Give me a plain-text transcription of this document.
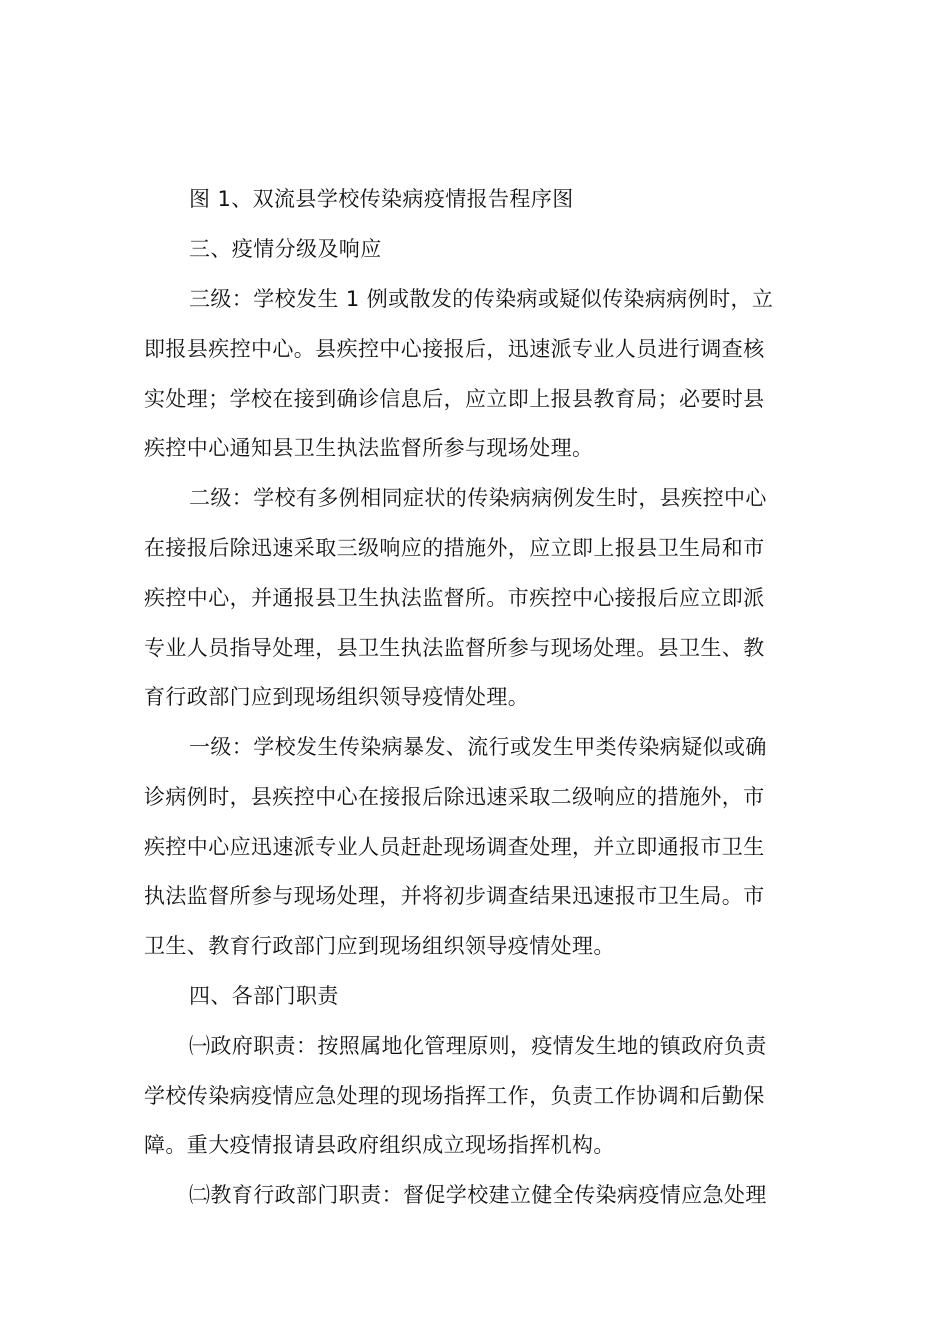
图 1、双流县学校传染病疫情报告程序图
三、疫情分级及响应
三级：学校发生 1 例或散发的传染病或疑似传染病病例时，立
即报县疾控中心。县疾控中心接报后，迅速派专业人员进行调查核
实处理；学校在接到确诊信息后，应立即上报县教育局；必要时县
疾控中心通知县卫生执法监督所参与现场处理。
二级：学校有多例相同症状的传染病病例发生时，县疾控中心
在接报后除迅速采取三级响应的措施外，应立即上报县卫生局和市
疾控中心，并通报县卫生执法监督所。市疾控中心接报后应立即派
专业人员指导处理，县卫生执法监督所参与现场处理。县卫生、教
育行政部门应到现场组织领导疫情处理。
一级：学校发生传染病暴发、流行或发生甲类传染病疑似或确
诊病例时，县疾控中心在接报后除迅速采取二级响应的措施外，市
疾控中心应迅速派专业人员赶赴现场调查处理，并立即通报市卫生
执法监督所参与现场处理，并将初步调查结果迅速报市卫生局。市
卫生、教育行政部门应到现场组织领导疫情处理。
四、各部门职责
㈠政府职责：按照属地化管理原则，疫情发生地的镇政府负责
学校传染病疫情应急处理的现场指挥工作，负责工作协调和后勤保
障。重大疫情报请县政府组织成立现场指挥机构。
㈡教育行政部门职责：督促学校建立健全传染病疫情应急处理
